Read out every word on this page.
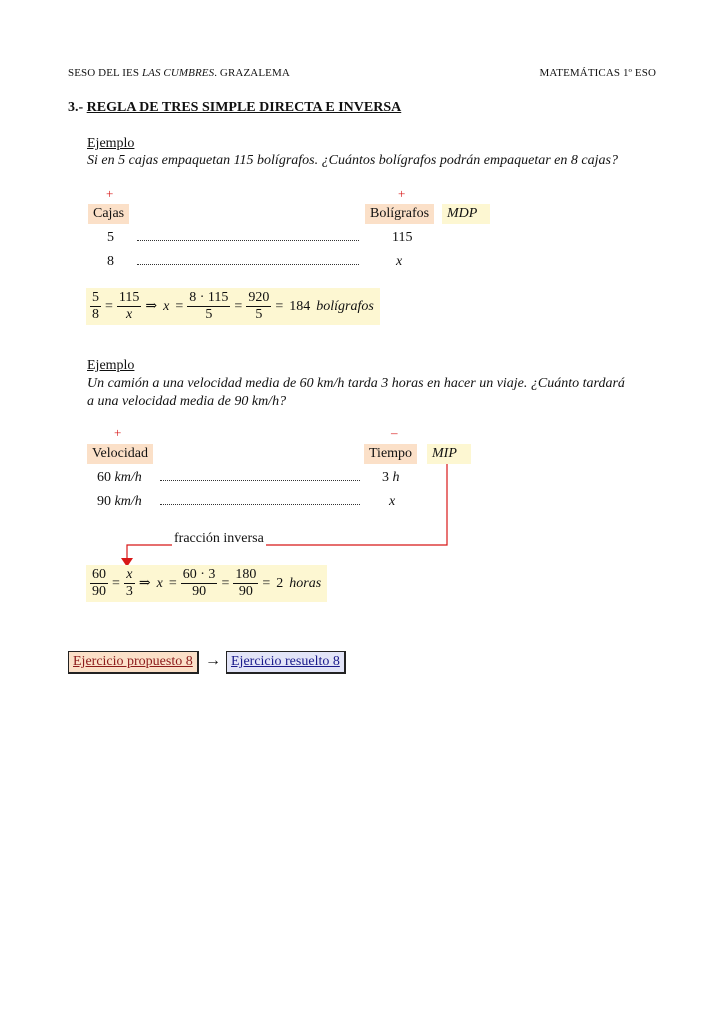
SESO DEL IES LAS CUMBRES. GRAZALEMA	MATEMÁTICAS 1º ESO
3.- REGLA DE TRES SIMPLE DIRECTA E INVERSA
Ejemplo
Si en 5 cajas empaquetan 115 bolígrafos. ¿Cuántos bolígrafos podrán empaquetar en 8 cajas?
+	+
Cajas	Bolígrafos	MDP
5	115
8	x
$\frac{5}{8} = \frac{115}{x}$ ⇒ $x = \frac{8 \cdot 115}{5} = \frac{920}{5} = 184$ bolígrafos
Ejemplo
Un camión a una velocidad media de 60 km/h tarda 3 horas en hacer un viaje. ¿Cuánto tardará
a una velocidad media de 90 km/h?
+	–
Velocidad	Tiempo	MIP
60 km/h	3 h
90 km/h	x
fracción inversa
$\frac{60}{90} = \frac{x}{3}$ ⇒ $x = \frac{60 \cdot 3}{90} = \frac{180}{90} = 2$ horas
Ejercicio propuesto 8 → Ejercicio resuelto 8
